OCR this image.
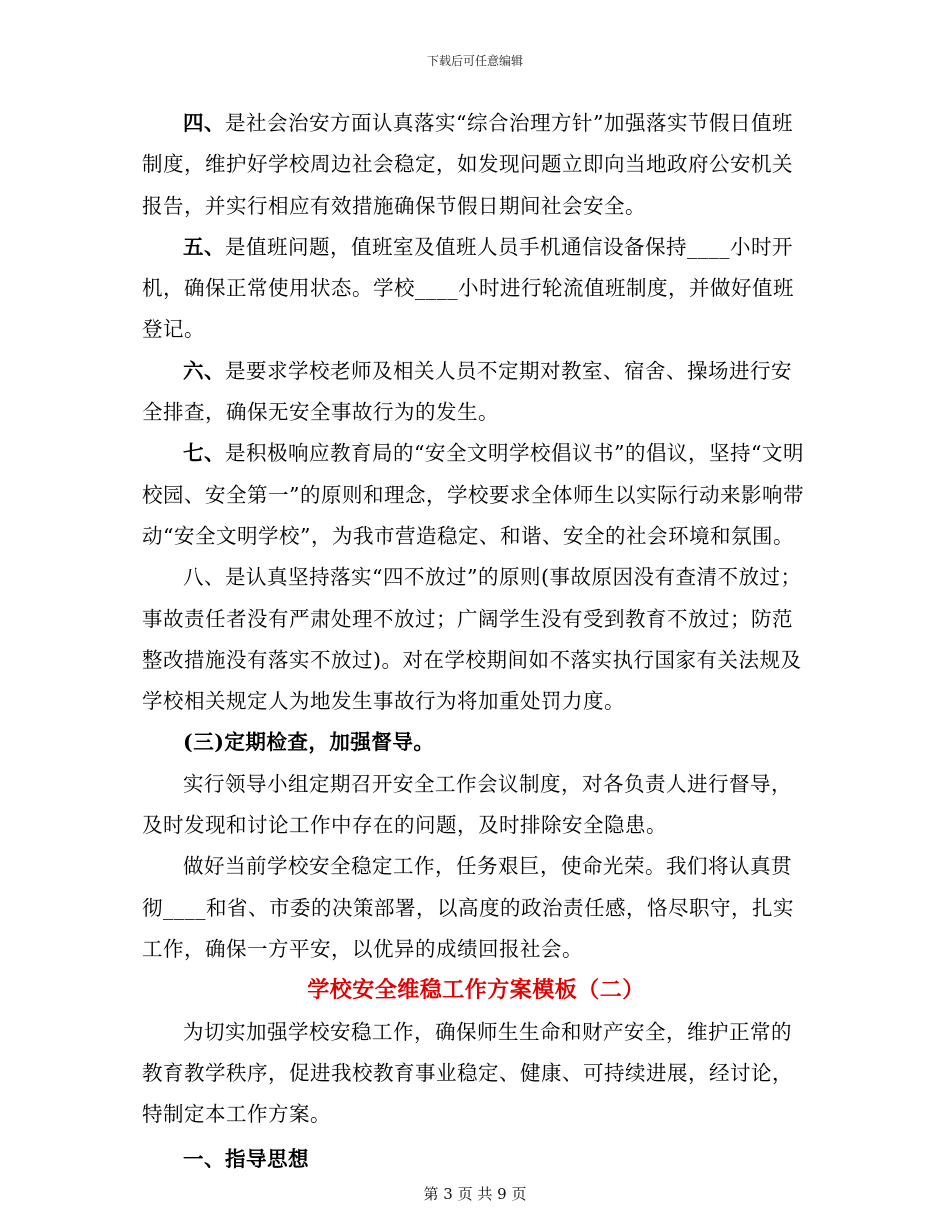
下载后可任意编辑

四、是社会治安方面认真落实“综合治理方针”加强落实节假日值班制度，维护好学校周边社会稳定，如发现问题立即向当地政府公安机关报告，并实行相应有效措施确保节假日期间社会安全。

五、是值班问题，值班室及值班人员手机通信设备保持____小时开机，确保正常使用状态。学校____小时进行轮流值班制度，并做好值班登记。

六、是要求学校老师及相关人员不定期对教室、宿舍、操场进行安全排查，确保无安全事故行为的发生。

七、是积极响应教育局的“安全文明学校倡议书”的倡议，坚持“文明校园、安全第一”的原则和理念，学校要求全体师生以实际行动来影响带动“安全文明学校”，为我市营造稳定、和谐、安全的社会环境和氛围。

八、是认真坚持落实“四不放过”的原则(事故原因没有查清不放过；事故责任者没有严肃处理不放过；广阔学生没有受到教育不放过；防范整改措施没有落实不放过)。对在学校期间如不落实执行国家有关法规及学校相关规定人为地发生事故行为将加重处罚力度。

(三)定期检查，加强督导。

实行领导小组定期召开安全工作会议制度，对各负责人进行督导，及时发现和讨论工作中存在的问题，及时排除安全隐患。

做好当前学校安全稳定工作，任务艰巨，使命光荣。我们将认真贯彻____和省、市委的决策部署，以高度的政治责任感，恪尽职守，扎实工作，确保一方平安，以优异的成绩回报社会。

学校安全维稳工作方案模板（二）

为切实加强学校安稳工作，确保师生生命和财产安全，维护正常的教育教学秩序，促进我校教育事业稳定、健康、可持续进展，经讨论，特制定本工作方案。

一、指导思想

第 3 页 共 9 页
